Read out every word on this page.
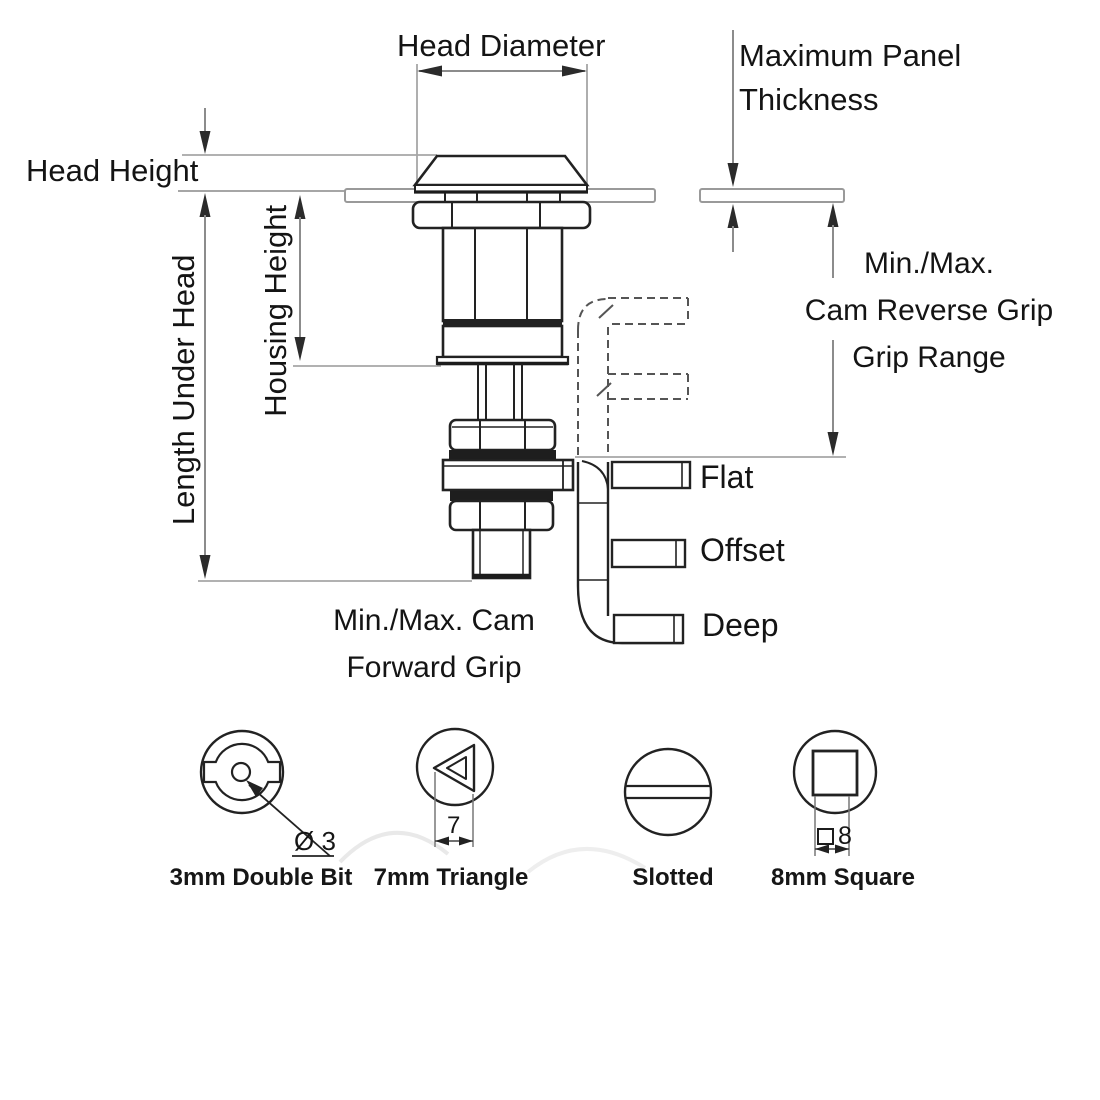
Head Diameter	Maximum Panel
Thickness
Head Height
Housing Height
Length Under Head	Min./Max.
Cam Reverse Grip
Grip Range
Flat
Offset
Deep
Min./Max. Cam
Forward Grip
Ø 3
7	8
3mm Double Bit 7mm Triangle	Slotted	8mm Square
